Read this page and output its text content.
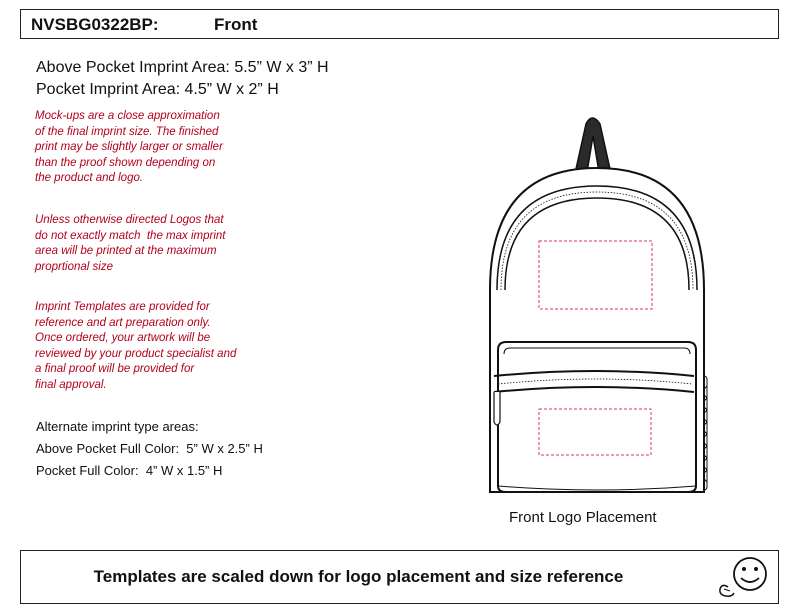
NVSBG0322BP:	Front
Above Pocket Imprint Area: 5.5” W x 3” H
Pocket Imprint Area: 4.5” W x 2” H

Mock-ups are a close approximation

of the final imprint size. The finished

print may be slightly larger or smaller

than the proof shown depending on

the product and logo.

Unless otherwise directed Logos that

do not exactly match  the max imprint

area will be printed at the maximum

proprtional size

Imprint Templates are provided for

reference and art preparation only.

Once ordered, your artwork will be

reviewed by your product specialist and

a final proof will be provided for

final approval.

Alternate imprint type areas:
Above Pocket Full Color:  5” W x 2.5” H
Pocket Full Color:  4” W x 1.5” H
Front Logo Placement
Templates are scaled down for logo placement and size reference
